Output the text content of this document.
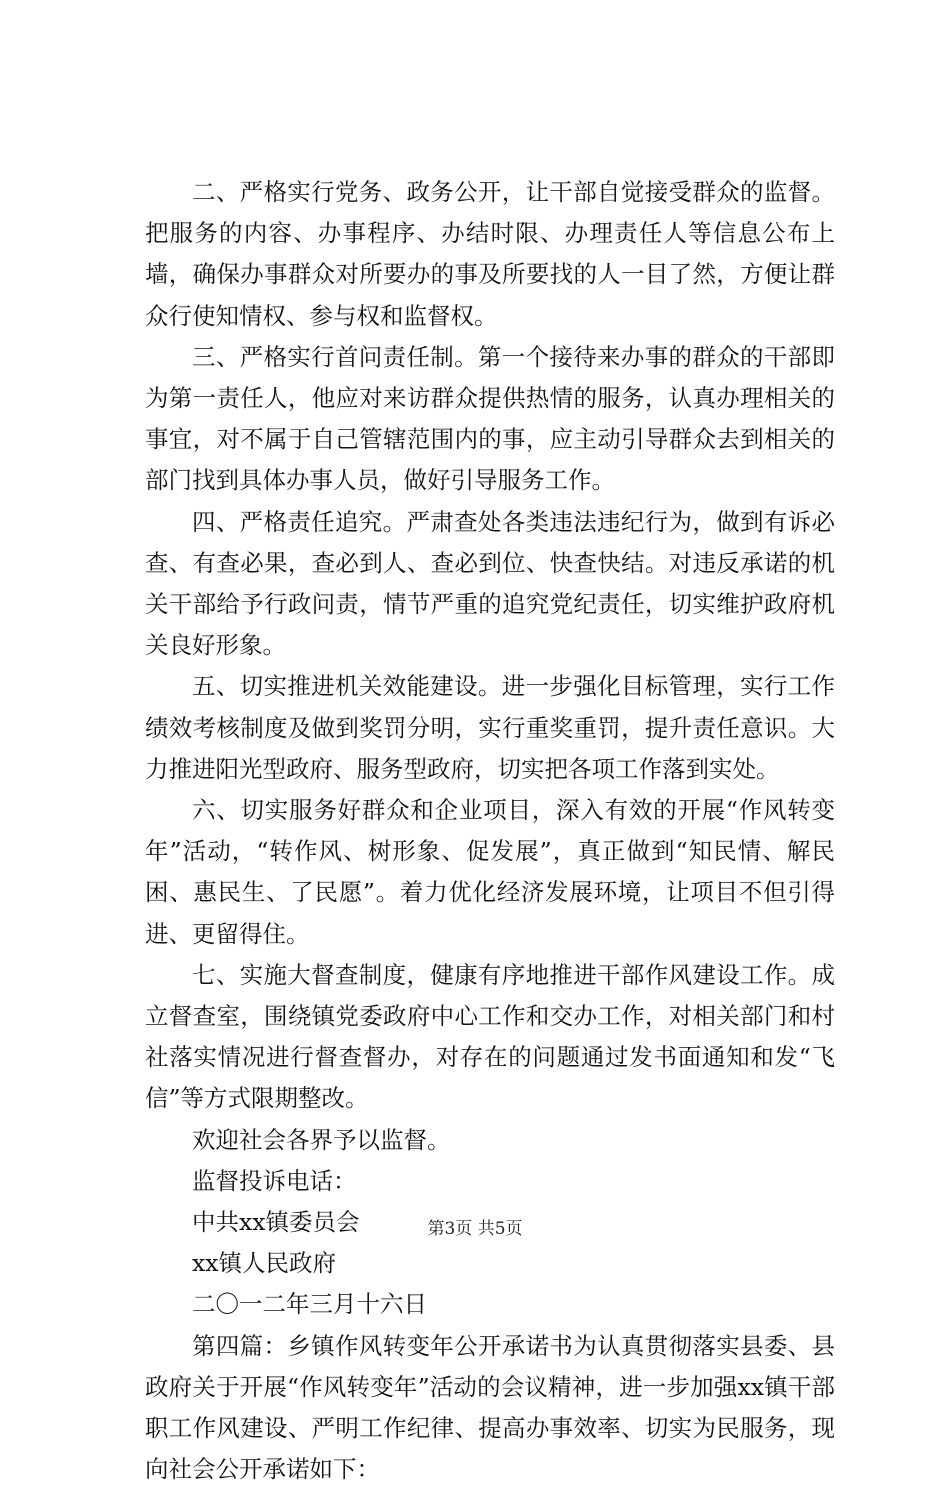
二、严格实行党务、政务公开，让干部自觉接受群众的监督。把服务的内容、办事程序、办结时限、办理责任人等信息公布上墙，确保办事群众对所要办的事及所要找的人一目了然，方便让群众行使知情权、参与权和监督权。

三、严格实行首问责任制。第一个接待来办事的群众的干部即为第一责任人，他应对来访群众提供热情的服务，认真办理相关的事宜，对不属于自己管辖范围内的事，应主动引导群众去到相关的部门找到具体办事人员，做好引导服务工作。

四、严格责任追究。严肃查处各类违法违纪行为，做到有诉必查、有查必果，查必到人、查必到位、快查快结。对违反承诺的机关干部给予行政问责，情节严重的追究党纪责任，切实维护政府机关良好形象。

五、切实推进机关效能建设。进一步强化目标管理，实行工作绩效考核制度及做到奖罚分明，实行重奖重罚，提升责任意识。大力推进阳光型政府、服务型政府，切实把各项工作落到实处。

六、切实服务好群众和企业项目，深入有效的开展“作风转变年”活动，“转作风、树形象、促发展”，真正做到“知民情、解民困、惠民生、了民愿”。着力优化经济发展环境，让项目不但引得进、更留得住。

七、实施大督查制度，健康有序地推进干部作风建设工作。成立督查室，围绕镇党委政府中心工作和交办工作，对相关部门和村社落实情况进行督查督办，对存在的问题通过发书面通知和发“飞信”等方式限期整改。

欢迎社会各界予以监督。

监督投诉电话：

中共xx镇委员会

xx镇人民政府

二〇一二年三月十六日

第四篇：乡镇作风转变年公开承诺书为认真贯彻落实县委、县政府关于开展“作风转变年”活动的会议精神，进一步加强xx镇干部职工作风建设、严明工作纪律、提高办事效率、切实为民服务，现向社会公开承诺如下：

第3页 共5页
